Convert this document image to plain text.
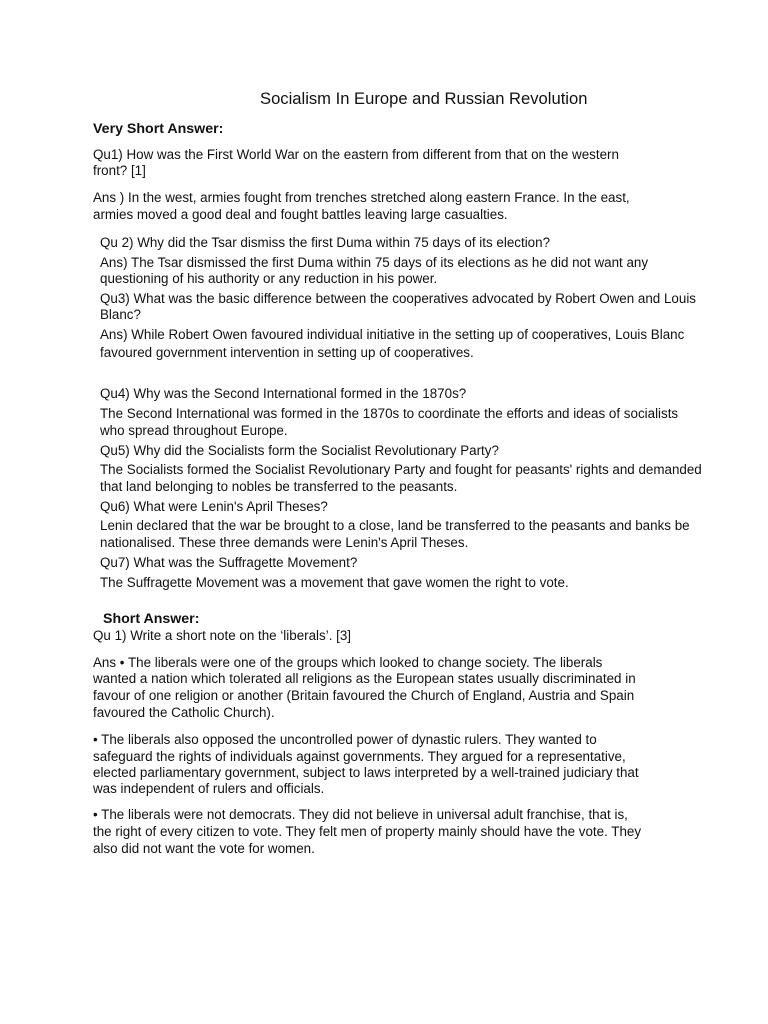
Socialism In Europe and Russian Revolution
Very Short Answer:

Qu1) How was the First World War on the eastern from different from that on the western

front? [1]

Ans ) In the west, armies fought from trenches stretched along eastern France. In the east,

armies moved a good deal and fought battles leaving large casualties.

Qu 2) Why did the Tsar dismiss the first Duma within 75 days of its election?

Ans) The Tsar dismissed the first Duma within 75 days of its elections as he did not want any

questioning of his authority or any reduction in his power.

Qu3) What was the basic difference between the cooperatives advocated by Robert Owen and Louis

Blanc?

Ans) While Robert Owen favoured individual initiative in the setting up of cooperatives, Louis Blanc

favoured government intervention in setting up of cooperatives.

Qu4) Why was the Second International formed in the 1870s?

The Second International was formed in the 1870s to coordinate the efforts and ideas of socialists

who spread throughout Europe.

Qu5) Why did the Socialists form the Socialist Revolutionary Party?

The Socialists formed the Socialist Revolutionary Party and fought for peasants' rights and demanded

that land belonging to nobles be transferred to the peasants.

Qu6) What were Lenin's April Theses?

Lenin declared that the war be brought to a close, land be transferred to the peasants and banks be

nationalised. These three demands were Lenin's April Theses.

Qu7) What was the Suffragette Movement?

The Suffragette Movement was a movement that gave women the right to vote.

Short Answer:

Qu 1) Write a short note on the ‘liberals’. [3]

Ans • The liberals were one of the groups which looked to change society. The liberals

wanted a nation which tolerated all religions as the European states usually discriminated in

favour of one religion or another (Britain favoured the Church of England, Austria and Spain

favoured the Catholic Church).

• The liberals also opposed the uncontrolled power of dynastic rulers. They wanted to

safeguard the rights of individuals against governments. They argued for a representative,

elected parliamentary government, subject to laws interpreted by a well-trained judiciary that

was independent of rulers and officials.

• The liberals were not democrats. They did not believe in universal adult franchise, that is,

the right of every citizen to vote. They felt men of property mainly should have the vote. They

also did not want the vote for women.
